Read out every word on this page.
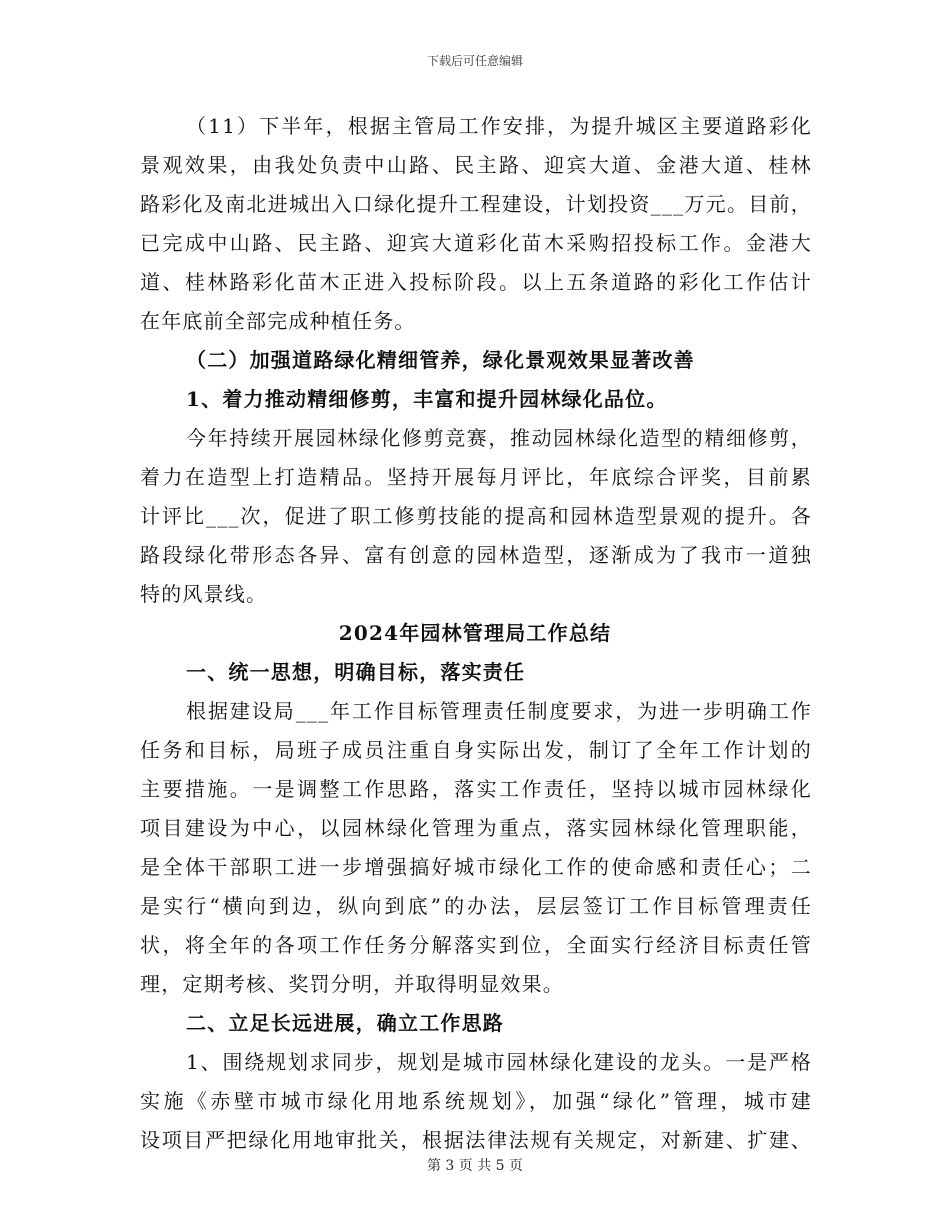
下载后可任意编辑
（11）下半年，根据主管局工作安排，为提升城区主要道路彩化
景观效果，由我处负责中山路、民主路、迎宾大道、金港大道、桂林
路彩化及南北进城出入口绿化提升工程建设，计划投资___万元。目前，
已完成中山路、民主路、迎宾大道彩化苗木采购招投标工作。金港大
道、桂林路彩化苗木正进入投标阶段。以上五条道路的彩化工作估计
在年底前全部完成种植任务。
（二）加强道路绿化精细管养，绿化景观效果显著改善
1、着力推动精细修剪，丰富和提升园林绿化品位。
今年持续开展园林绿化修剪竞赛，推动园林绿化造型的精细修剪，
着力在造型上打造精品。坚持开展每月评比，年底综合评奖，目前累
计评比___次，促进了职工修剪技能的提高和园林造型景观的提升。各
路段绿化带形态各异、富有创意的园林造型，逐渐成为了我市一道独
特的风景线。
2024年园林管理局工作总结
一、统一思想，明确目标，落实责任
根据建设局___年工作目标管理责任制度要求，为进一步明确工作
任务和目标，局班子成员注重自身实际出发，制订了全年工作计划的
主要措施。一是调整工作思路，落实工作责任，坚持以城市园林绿化
项目建设为中心，以园林绿化管理为重点，落实园林绿化管理职能，
是全体干部职工进一步增强搞好城市绿化工作的使命感和责任心；二
是实行“横向到边，纵向到底”的办法，层层签订工作目标管理责任
状，将全年的各项工作任务分解落实到位，全面实行经济目标责任管
理，定期考核、奖罚分明，并取得明显效果。
二、立足长远进展，确立工作思路
1、围绕规划求同步，规划是城市园林绿化建设的龙头。一是严格
实施《赤壁市城市绿化用地系统规划》，加强“绿化”管理，城市建
设项目严把绿化用地审批关，根据法律法规有关规定，对新建、扩建、
第 3 页 共 5 页
